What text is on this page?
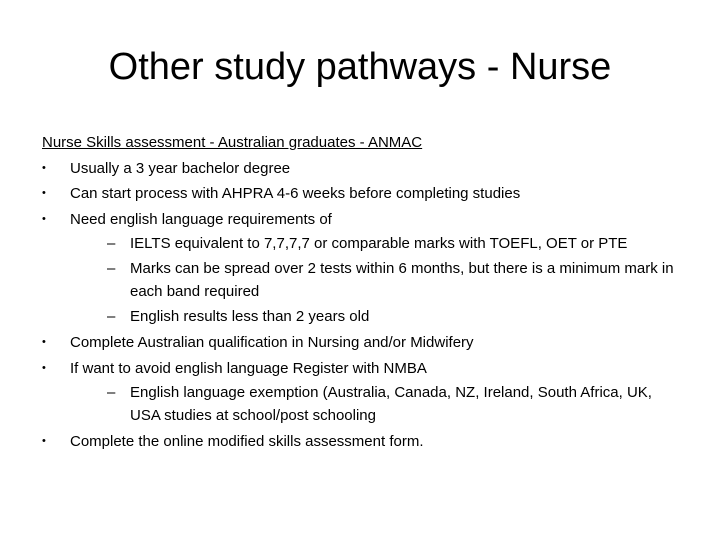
Other study pathways - Nurse
Nurse Skills assessment - Australian graduates - ANMAC
•	Usually a 3 year bachelor degree
•	Can start process with AHPRA 4-6 weeks before completing studies
•	Need english language requirements of
– IELTS equivalent to 7,7,7,7 or comparable marks with TOEFL, OET or PTE
– Marks can be spread over 2 tests within 6 months, but there is a minimum mark in each band required
– English results less than 2 years old
•	Complete Australian qualification in Nursing and/or Midwifery
•	If want to avoid english language Register with NMBA
– English language exemption (Australia, Canada, NZ, Ireland, South Africa, UK, USA studies at school/post schooling
•	Complete the online modified skills assessment form.
